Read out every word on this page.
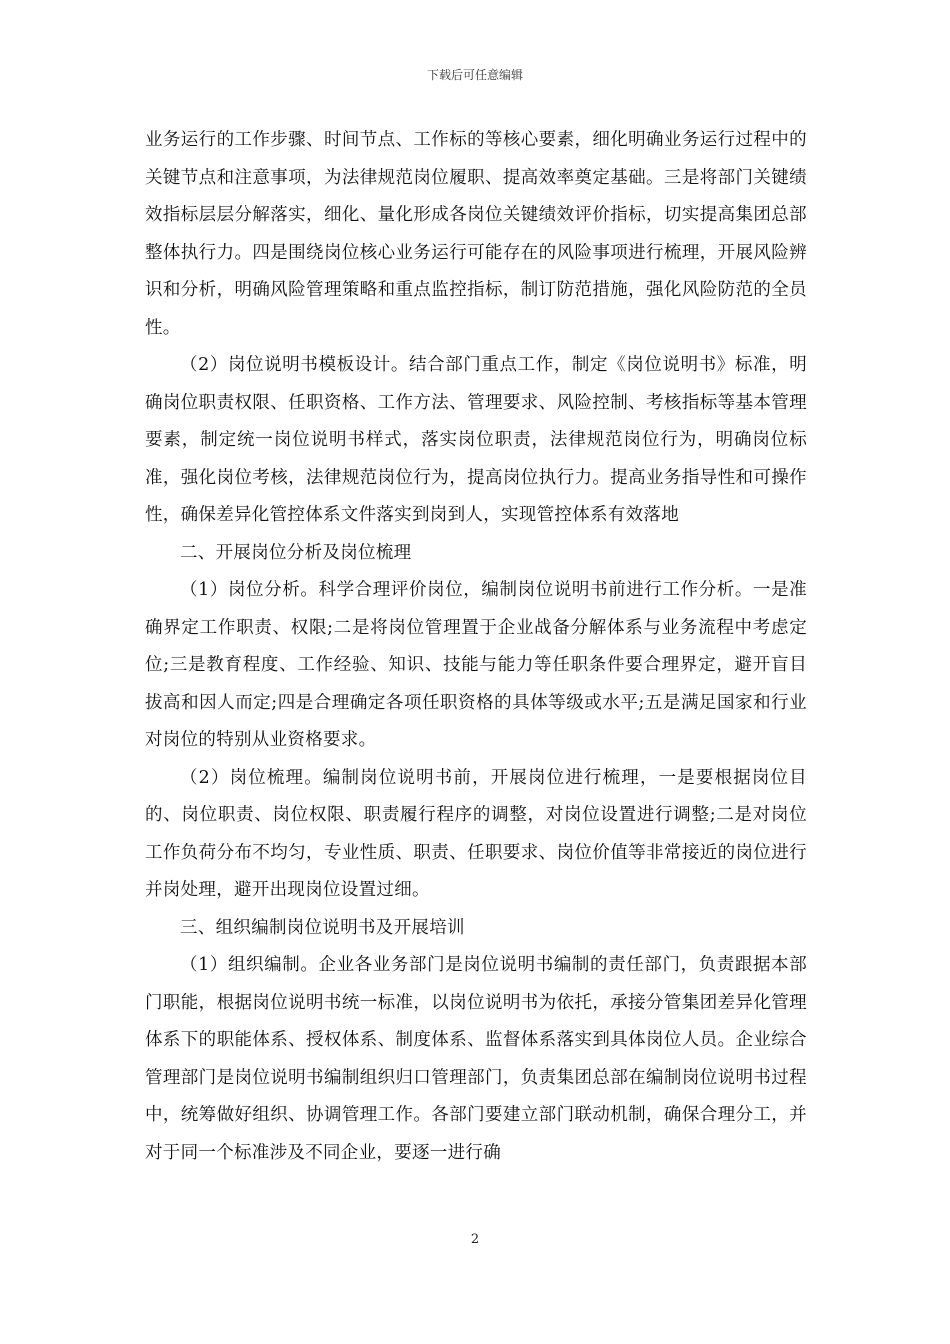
下载后可任意编辑

业务运行的工作步骤、时间节点、工作标的等核心要素，细化明确业务运行过程中的关键节点和注意事项，为法律规范岗位履职、提高效率奠定基础。三是将部门关键绩效指标层层分解落实，细化、量化形成各岗位关键绩效评价指标，切实提高集团总部整体执行力。四是围绕岗位核心业务运行可能存在的风险事项进行梳理，开展风险辨识和分析，明确风险管理策略和重点监控指标，制订防范措施，强化风险防范的全员性。

（2）岗位说明书模板设计。结合部门重点工作，制定《岗位说明书》标准，明确岗位职责权限、任职资格、工作方法、管理要求、风险控制、考核指标等基本管理要素，制定统一岗位说明书样式，落实岗位职责，法律规范岗位行为，明确岗位标准，强化岗位考核，法律规范岗位行为，提高岗位执行力。提高业务指导性和可操作性，确保差异化管控体系文件落实到岗到人，实现管控体系有效落地

二、开展岗位分析及岗位梳理

（1）岗位分析。科学合理评价岗位，编制岗位说明书前进行工作分析。一是准确界定工作职责、权限;二是将岗位管理置于企业战备分解体系与业务流程中考虑定位;三是教育程度、工作经验、知识、技能与能力等任职条件要合理界定，避开盲目拔高和因人而定;四是合理确定各项任职资格的具体等级或水平;五是满足国家和行业对岗位的特别从业资格要求。

（2）岗位梳理。编制岗位说明书前，开展岗位进行梳理，一是要根据岗位目的、岗位职责、岗位权限、职责履行程序的调整，对岗位设置进行调整;二是对岗位工作负荷分布不均匀，专业性质、职责、任职要求、岗位价值等非常接近的岗位进行并岗处理，避开出现岗位设置过细。

三、组织编制岗位说明书及开展培训

（1）组织编制。企业各业务部门是岗位说明书编制的责任部门，负责跟据本部门职能，根据岗位说明书统一标准，以岗位说明书为依托，承接分管集团差异化管理体系下的职能体系、授权体系、制度体系、监督体系落实到具体岗位人员。企业综合管理部门是岗位说明书编制组织归口管理部门，负责集团总部在编制岗位说明书过程中，统筹做好组织、协调管理工作。各部门要建立部门联动机制，确保合理分工，并对于同一个标准涉及不同企业，要逐一进行确

2
